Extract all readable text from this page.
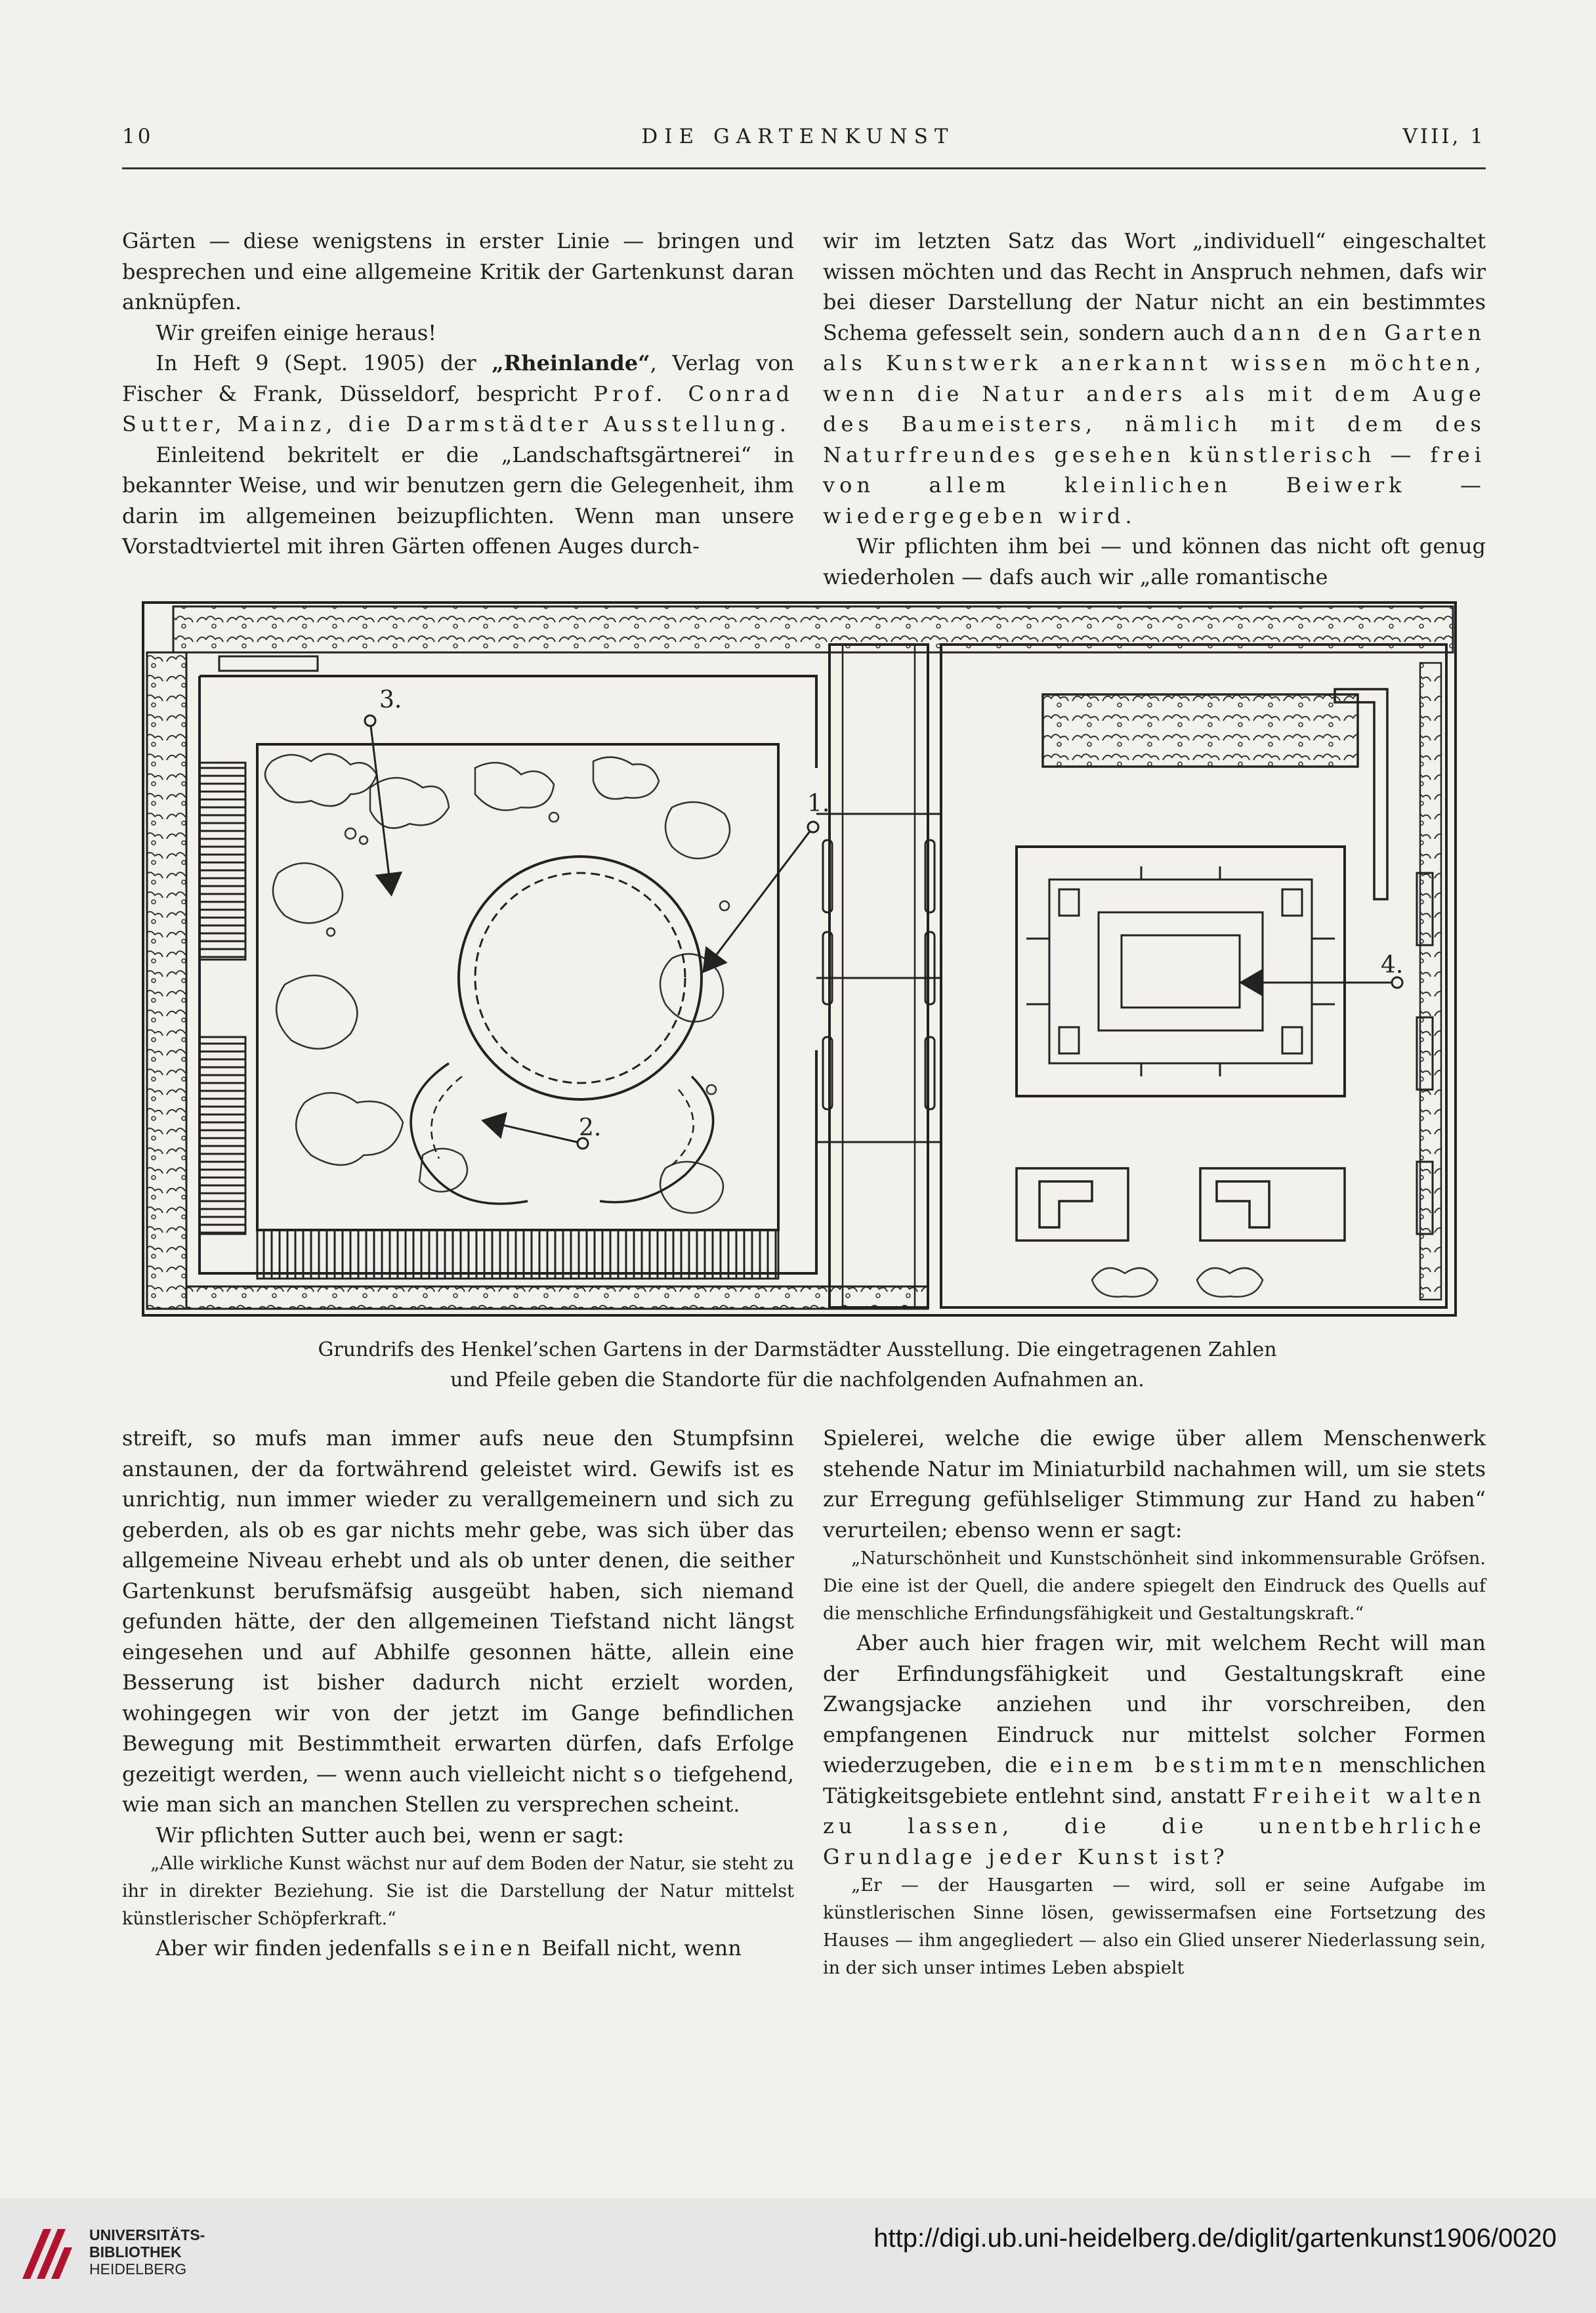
10	DIE GARTENKUNST	VIII, 1

Gärten — diese wenigstens in erster Linie — bringen und besprechen und eine allgemeine Kritik der Gartenkunst daran anknüpfen.

Wir greifen einige heraus!

In Heft 9 (Sept. 1905) der „Rheinlande“, Verlag von Fischer & Frank, Düsseldorf, bespricht Prof. Conrad Sutter, Mainz, die Darmstädter Ausstellung.

Einleitend bekritelt er die „Landschaftsgärtnerei“ in bekannter Weise, und wir benutzen gern die Gelegenheit, ihm darin im allgemeinen beizupflichten. Wenn man unsere Vorstadtviertel mit ihren Gärten offenen Auges durch-

wir im letzten Satz das Wort „individuell“ eingeschaltet wissen möchten und das Recht in Anspruch nehmen, dafs wir bei dieser Darstellung der Natur nicht an ein bestimmtes Schema gefesselt sein, sondern auch dann den Garten als Kunstwerk anerkannt wissen möchten, wenn die Natur anders als mit dem Auge des Baumeisters, nämlich mit dem des Naturfreundes gesehen künstlerisch — frei von allem kleinlichen Beiwerk — wiedergegeben wird.

Wir pflichten ihm bei — und können das nicht oft genug wiederholen — dafs auch wir „alle romantische

3.
1.
2.
4.
Grundrifs des Henkel’schen Gartens in der Darmstädter Ausstellung. Die eingetragenen Zahlen
und Pfeile geben die Standorte für die nachfolgenden Aufnahmen an.

streift, so mufs man immer aufs neue den Stumpfsinn anstaunen, der da fortwährend geleistet wird. Gewifs ist es unrichtig, nun immer wieder zu verallgemeinern und sich zu geberden, als ob es gar nichts mehr gebe, was sich über das allgemeine Niveau erhebt und als ob unter denen, die seither Gartenkunst berufsmäfsig ausgeübt haben, sich niemand gefunden hätte, der den allgemeinen Tiefstand nicht längst eingesehen und auf Abhilfe gesonnen hätte, allein eine Besserung ist bisher dadurch nicht erzielt worden, wohingegen wir von der jetzt im Gange befindlichen Bewegung mit Bestimmtheit erwarten dürfen, dafs Erfolge gezeitigt werden, — wenn auch vielleicht nicht so tiefgehend, wie man sich an manchen Stellen zu versprechen scheint.

Wir pflichten Sutter auch bei, wenn er sagt:

„Alle wirkliche Kunst wächst nur auf dem Boden der Natur, sie steht zu ihr in direkter Beziehung. Sie ist die Darstellung der Natur mittelst künstlerischer Schöpferkraft.“

Aber wir finden jedenfalls seinen Beifall nicht, wenn

Spielerei, welche die ewige über allem Menschenwerk stehende Natur im Miniaturbild nachahmen will, um sie stets zur Erregung gefühlseliger Stimmung zur Hand zu haben“ verurteilen; ebenso wenn er sagt:

„Naturschönheit und Kunstschönheit sind inkommensurable Gröfsen. Die eine ist der Quell, die andere spiegelt den Eindruck des Quells auf die menschliche Erfindungsfähigkeit und Gestaltungskraft.“

Aber auch hier fragen wir, mit welchem Recht will man der Erfindungsfähigkeit und Gestaltungskraft eine Zwangsjacke anziehen und ihr vorschreiben, den empfangenen Eindruck nur mittelst solcher Formen wiederzugeben, die einem bestimmten menschlichen Tätigkeitsgebiete entlehnt sind, anstatt Freiheit walten zu lassen, die die unentbehrliche Grundlage jeder Kunst ist?

„Er — der Hausgarten — wird, soll er seine Aufgabe im künstlerischen Sinne lösen, gewissermafsen eine Fortsetzung des Hauses — ihm angegliedert — also ein Glied unserer Niederlassung sein, in der sich unser intimes Leben abspielt

UNIVERSITÄTS-
BIBLIOTHEK
HEIDELBERG
http://digi.ub.uni-heidelberg.de/diglit/gartenkunst1906/0020
